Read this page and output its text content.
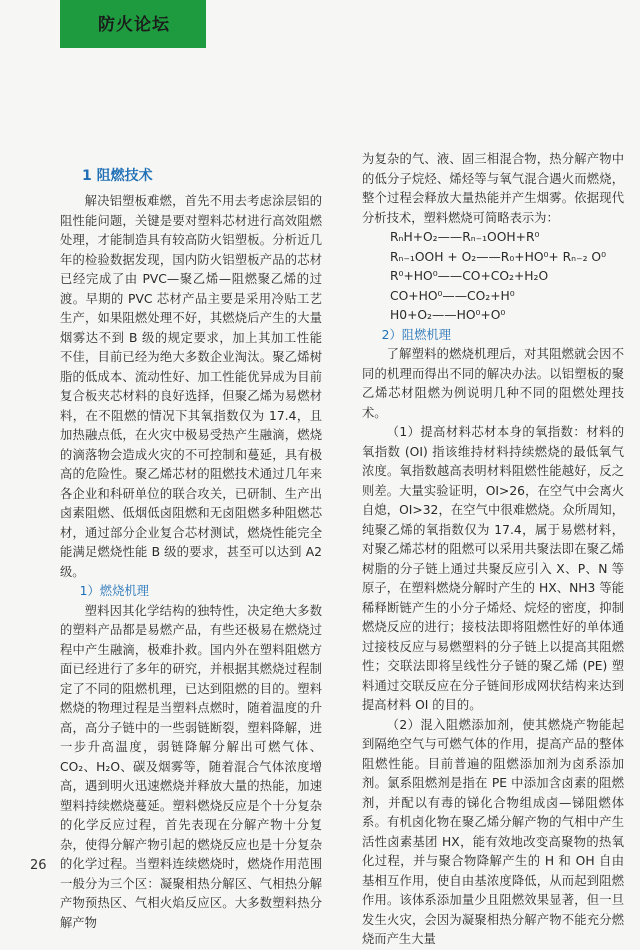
防火论坛
1 阻燃技术

解决铝塑板难燃，首先不用去考虑涂层铝的阻性能问题，关键是要对塑料芯材进行高效阻燃处理，才能制造具有较高防火铝塑板。分析近几年的检验数据发现，国内防火铝塑板产品的芯材已经完成了由 PVC—聚乙烯—阻燃聚乙烯的过渡。早期的 PVC 芯材产品主要是采用冷贴工艺生产，如果阻燃处理不好，其燃烧后产生的大量烟雾达不到 B 级的规定要求，加上其加工性能不佳，目前已经为绝大多数企业淘汰。聚乙烯树脂的低成本、流动性好、加工性能优异成为目前复合板夹芯材料的良好选择，但聚乙烯为易燃材料，在不阻燃的情况下其氧指数仅为 17.4，且加热融点低，在火灾中极易受热产生融滴，燃烧的滴落物会造成火灾的不可控制和蔓延，具有极高的危险性。聚乙烯芯材的阻燃技术通过几年来各企业和科研单位的联合攻关，已研制、生产出卤素阻燃、低烟低卤阻燃和无卤阻燃多种阻燃芯材，通过部分企业复合芯材测试，燃烧性能完全能满足燃烧性能 B 级的要求，甚至可以达到 A2 级。

1）燃烧机理

塑料因其化学结构的独特性，决定绝大多数的塑料产品都是易燃产品，有些还极易在燃烧过程中产生融滴，极难扑救。国内外在塑料阻燃方面已经进行了多年的研究，并根据其燃烧过程制定了不同的阻燃机理，已达到阻燃的目的。塑料燃烧的物理过程是当塑料点燃时，随着温度的升高，高分子链中的一些弱链断裂，塑料降解，进一步升高温度，弱链降解分解出可燃气体、CO₂、H₂O、碳及烟雾等，随着混合气体浓度增高，遇到明火迅速燃烧并释放大量的热能，加速塑料持续燃烧蔓延。塑料燃烧反应是个十分复杂的化学反应过程，首先表现在分解产物十分复杂，使得分解产物引起的燃烧反应也是十分复杂的化学过程。当塑料连续燃烧时，燃烧作用范围一般分为三个区：凝聚相热分解区、气相热分解产物预热区、气相火焰反应区。大多数塑料热分解产物

为复杂的气、液、固三相混合物，热分解产物中的低分子烷烃、烯烃等与氧气混合遇火而燃烧，整个过程会释放大量热能并产生烟雾。依据现代分析技术，塑料燃烧可简略表示为：

RₙH+O₂——Rₙ₋₁OOH+R⁰

Rₙ₋₁OOH + O₂——R₀+HO⁰+ Rₙ₋₂ O⁰

R⁰+HO⁰——CO+CO₂+H₂O

CO+HO⁰——CO₂+H⁰

H0+O₂——HO⁰+O⁰

2）阻燃机理

了解塑料的燃烧机理后，对其阻燃就会因不同的机理而得出不同的解决办法。以铝塑板的聚乙烯芯材阻燃为例说明几种不同的阻燃处理技术。

（1）提高材料芯材本身的氧指数：材料的氧指数 (OI) 指该维持材料持续燃烧的最低氧气浓度。氧指数越高表明材料阻燃性能越好，反之则差。大量实验证明，OI>26，在空气中会离火自熄，OI>32，在空气中很难燃烧。众所周知，纯聚乙烯的氧指数仅为 17.4，属于易燃材料，对聚乙烯芯材的阻燃可以采用共聚法即在聚乙烯树脂的分子链上通过共聚反应引入 X、P、N 等原子，在塑料燃烧分解时产生的 HX、NH3 等能稀释断链产生的小分子烯烃、烷烃的密度，抑制燃烧反应的进行；接枝法即将阻燃性好的单体通过接枝反应与易燃塑料的分子链上以提高其阻燃性；交联法即将呈线性分子链的聚乙烯 (PE) 塑料通过交联反应在分子链间形成网状结构来达到提高材料 OI 的目的。

（2）混入阻燃添加剂，使其燃烧产物能起到隔绝空气与可燃气体的作用，提高产品的整体阻燃性能。目前普遍的阻燃添加剂为卤系添加剂。氯系阻燃剂是指在 PE 中添加含卤素的阻燃剂，并配以有毒的锑化合物组成卤—锑阻燃体系。有机卤化物在聚乙烯分解产物的气相中产生活性卤素基团 HX，能有效地改变高聚物的热氧化过程，并与聚合物降解产生的 H 和 OH 自由基相互作用，使自由基浓度降低，从而起到阻燃作用。该体系添加量少且阻燃效果显著，但一旦发生火灾，会因为凝聚相热分解产物不能充分燃烧而产生大量

26
